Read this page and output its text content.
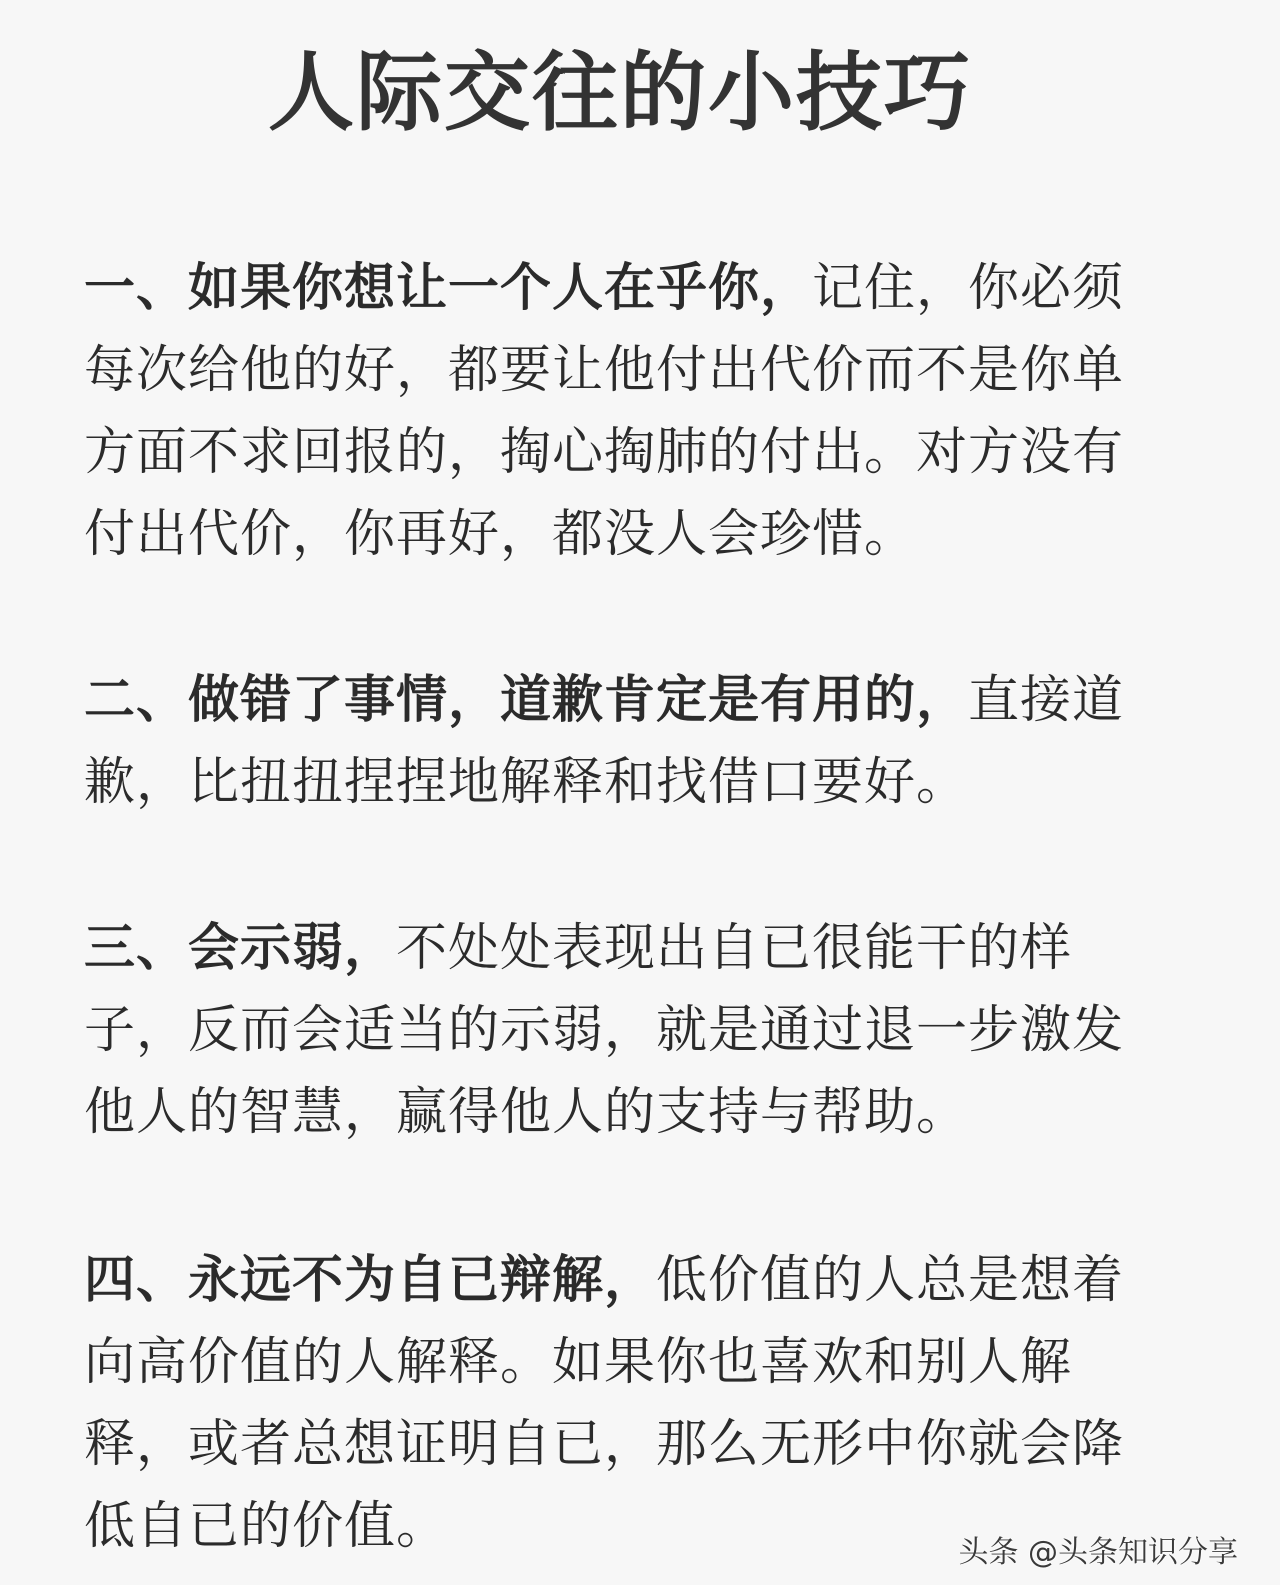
人际交往的小技巧

一、如果你想让一个人在乎你，记住，你必须每次给他的好，都要让他付出代价而不是你单方面不求回报的，掏心掏肺的付出。对方没有付出代价，你再好，都没人会珍惜。

二、做错了事情，道歉肯定是有用的，直接道歉，比扭扭捏捏地解释和找借口要好。

三、会示弱，不处处表现出自已很能干的样子，反而会适当的示弱，就是通过退一步激发他人的智慧，赢得他人的支持与帮助。

四、永远不为自已辩解，低价值的人总是想着向高价值的人解释。如果你也喜欢和别人解释，或者总想证明自已，那么无形中你就会降低自已的价值。	头条 @头条知识分享
